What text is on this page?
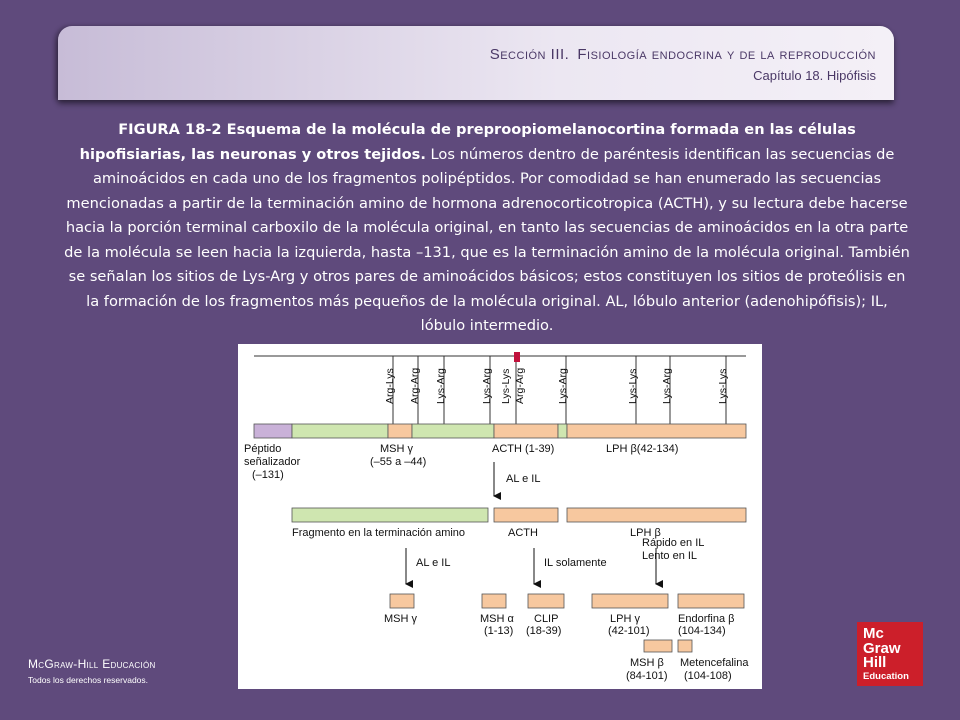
Sección III. Fisiología endocrina y de la reproducción
Capítulo 18. Hipófisis
FIGURA 18-2 Esquema de la molécula de preproopiomelanocortina formada en las células hipofisiarias, las neuronas y otros tejidos. Los números dentro de paréntesis identifican las secuencias de aminoácidos en cada uno de los fragmentos polipéptidos. Por comodidad se han enumerado las secuencias mencionadas a partir de la terminación amino de hormona adrenocorticotropica (ACTH), y su lectura debe hacerse hacia la porción terminal carboxilo de la molécula original, en tanto las secuencias de aminoácidos en la otra parte de la molécula se leen hacia la izquierda, hasta –131, que es la terminación amino de la molécula original. También se señalan los sitios de Lys-Arg y otros pares de aminoácidos básicos; estos constituyen los sitios de proteólisis en la formación de los fragmentos más pequeños de la molécula original. AL, lóbulo anterior (adenohipófisis); IL, lóbulo intermedio.
Arg-Lys Arg-Arg Lys-Arg	Lys-Arg Lys-Lys Arg-Arg	Lys-Arg	Lys-Lys Lys-Arg	Lys-Lys
Péptido
señalizador
(–131)
MSH γ
(–55 a –44)
ACTH (1-39)	LPH β(42-134)
AL e IL
Fragmento en la terminación amino	ACTH	LPH β
AL e IL	IL solamente
Rápido en IL
Lento en IL
MSH γ	MSH α
(1-13)
CLIP
(18-39)
LPH γ
(42-101)
Endorfina β
(104-134)
MSH β
(84-101)
Metencefalina
(104-108)
McGraw-Hill Educación
Todos los derechos reservados.
Mc
Graw
Hill
Education
